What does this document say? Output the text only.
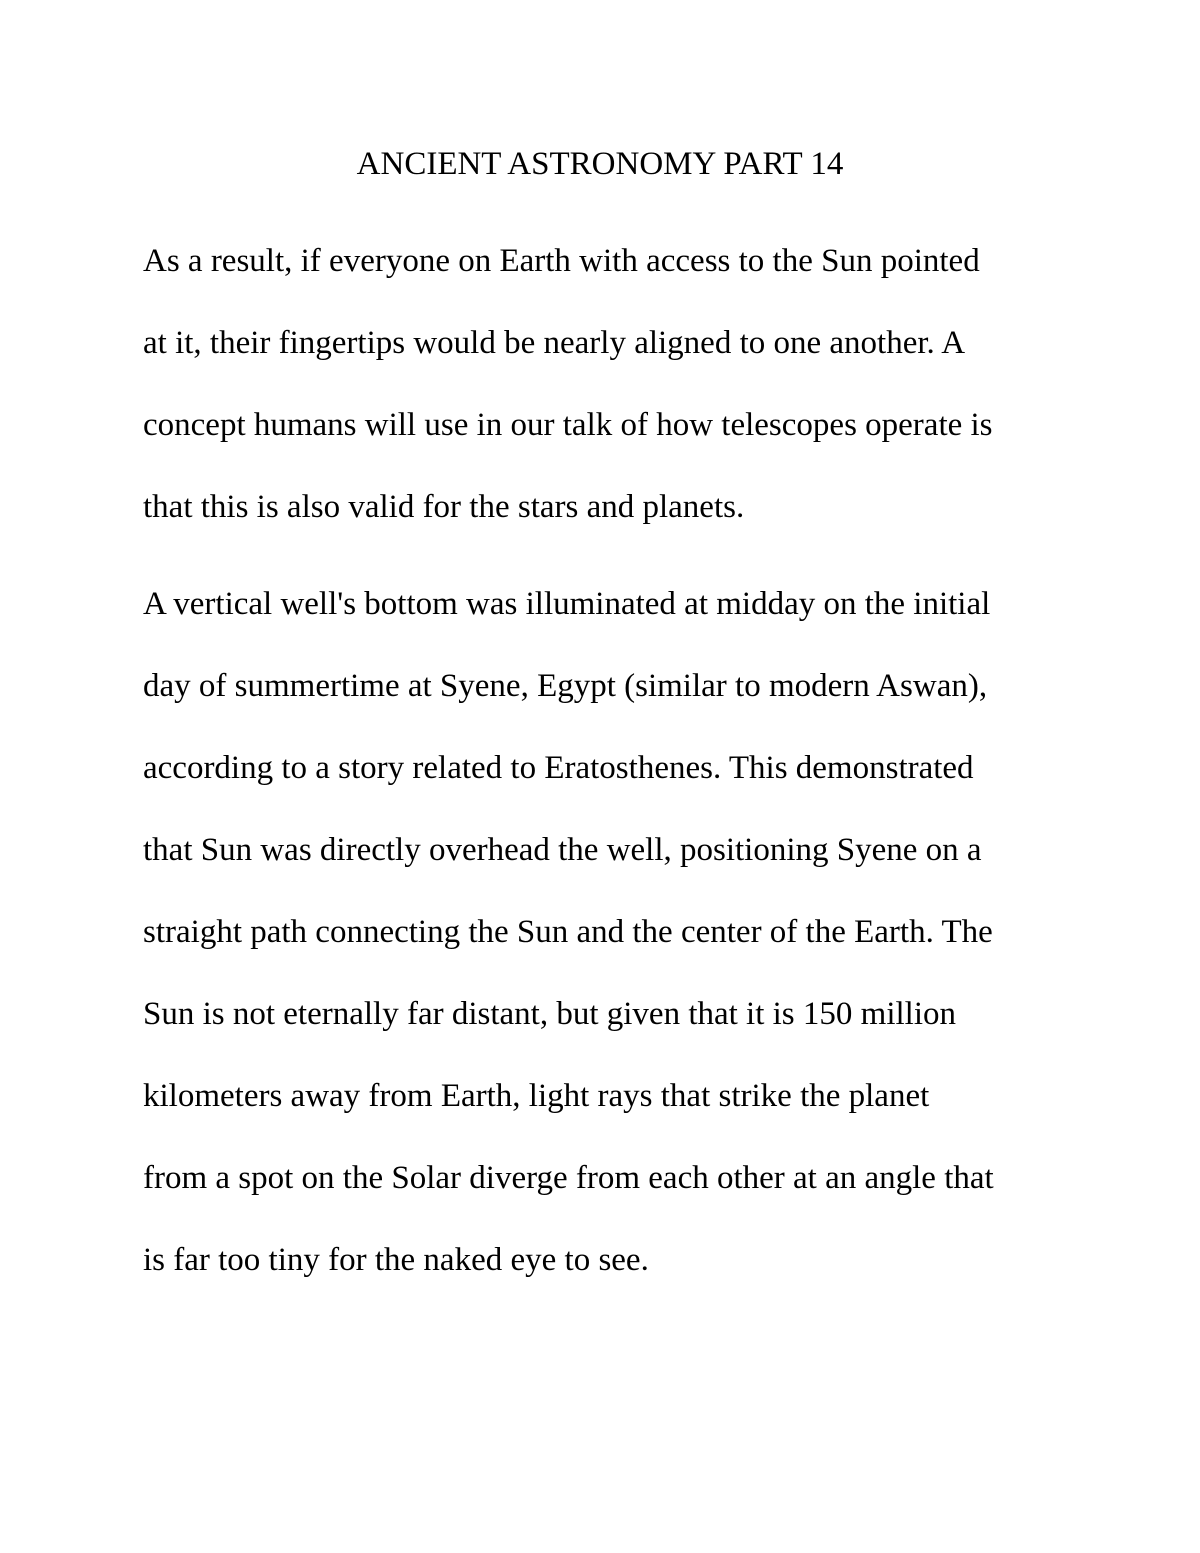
ANCIENT ASTRONOMY PART 14
As a result, if everyone on Earth with access to the Sun pointed
at it, their fingertips would be nearly aligned to one another. A
concept humans will use in our talk of how telescopes operate is
that this is also valid for the stars and planets.
A vertical well's bottom was illuminated at midday on the initial
day of summertime at Syene, Egypt (similar to modern Aswan),
according to a story related to Eratosthenes. This demonstrated
that Sun was directly overhead the well, positioning Syene on a
straight path connecting the Sun and the center of the Earth. The
Sun is not eternally far distant, but given that it is 150 million
kilometers away from Earth, light rays that strike the planet
from a spot on the Solar diverge from each other at an angle that
is far too tiny for the naked eye to see.
